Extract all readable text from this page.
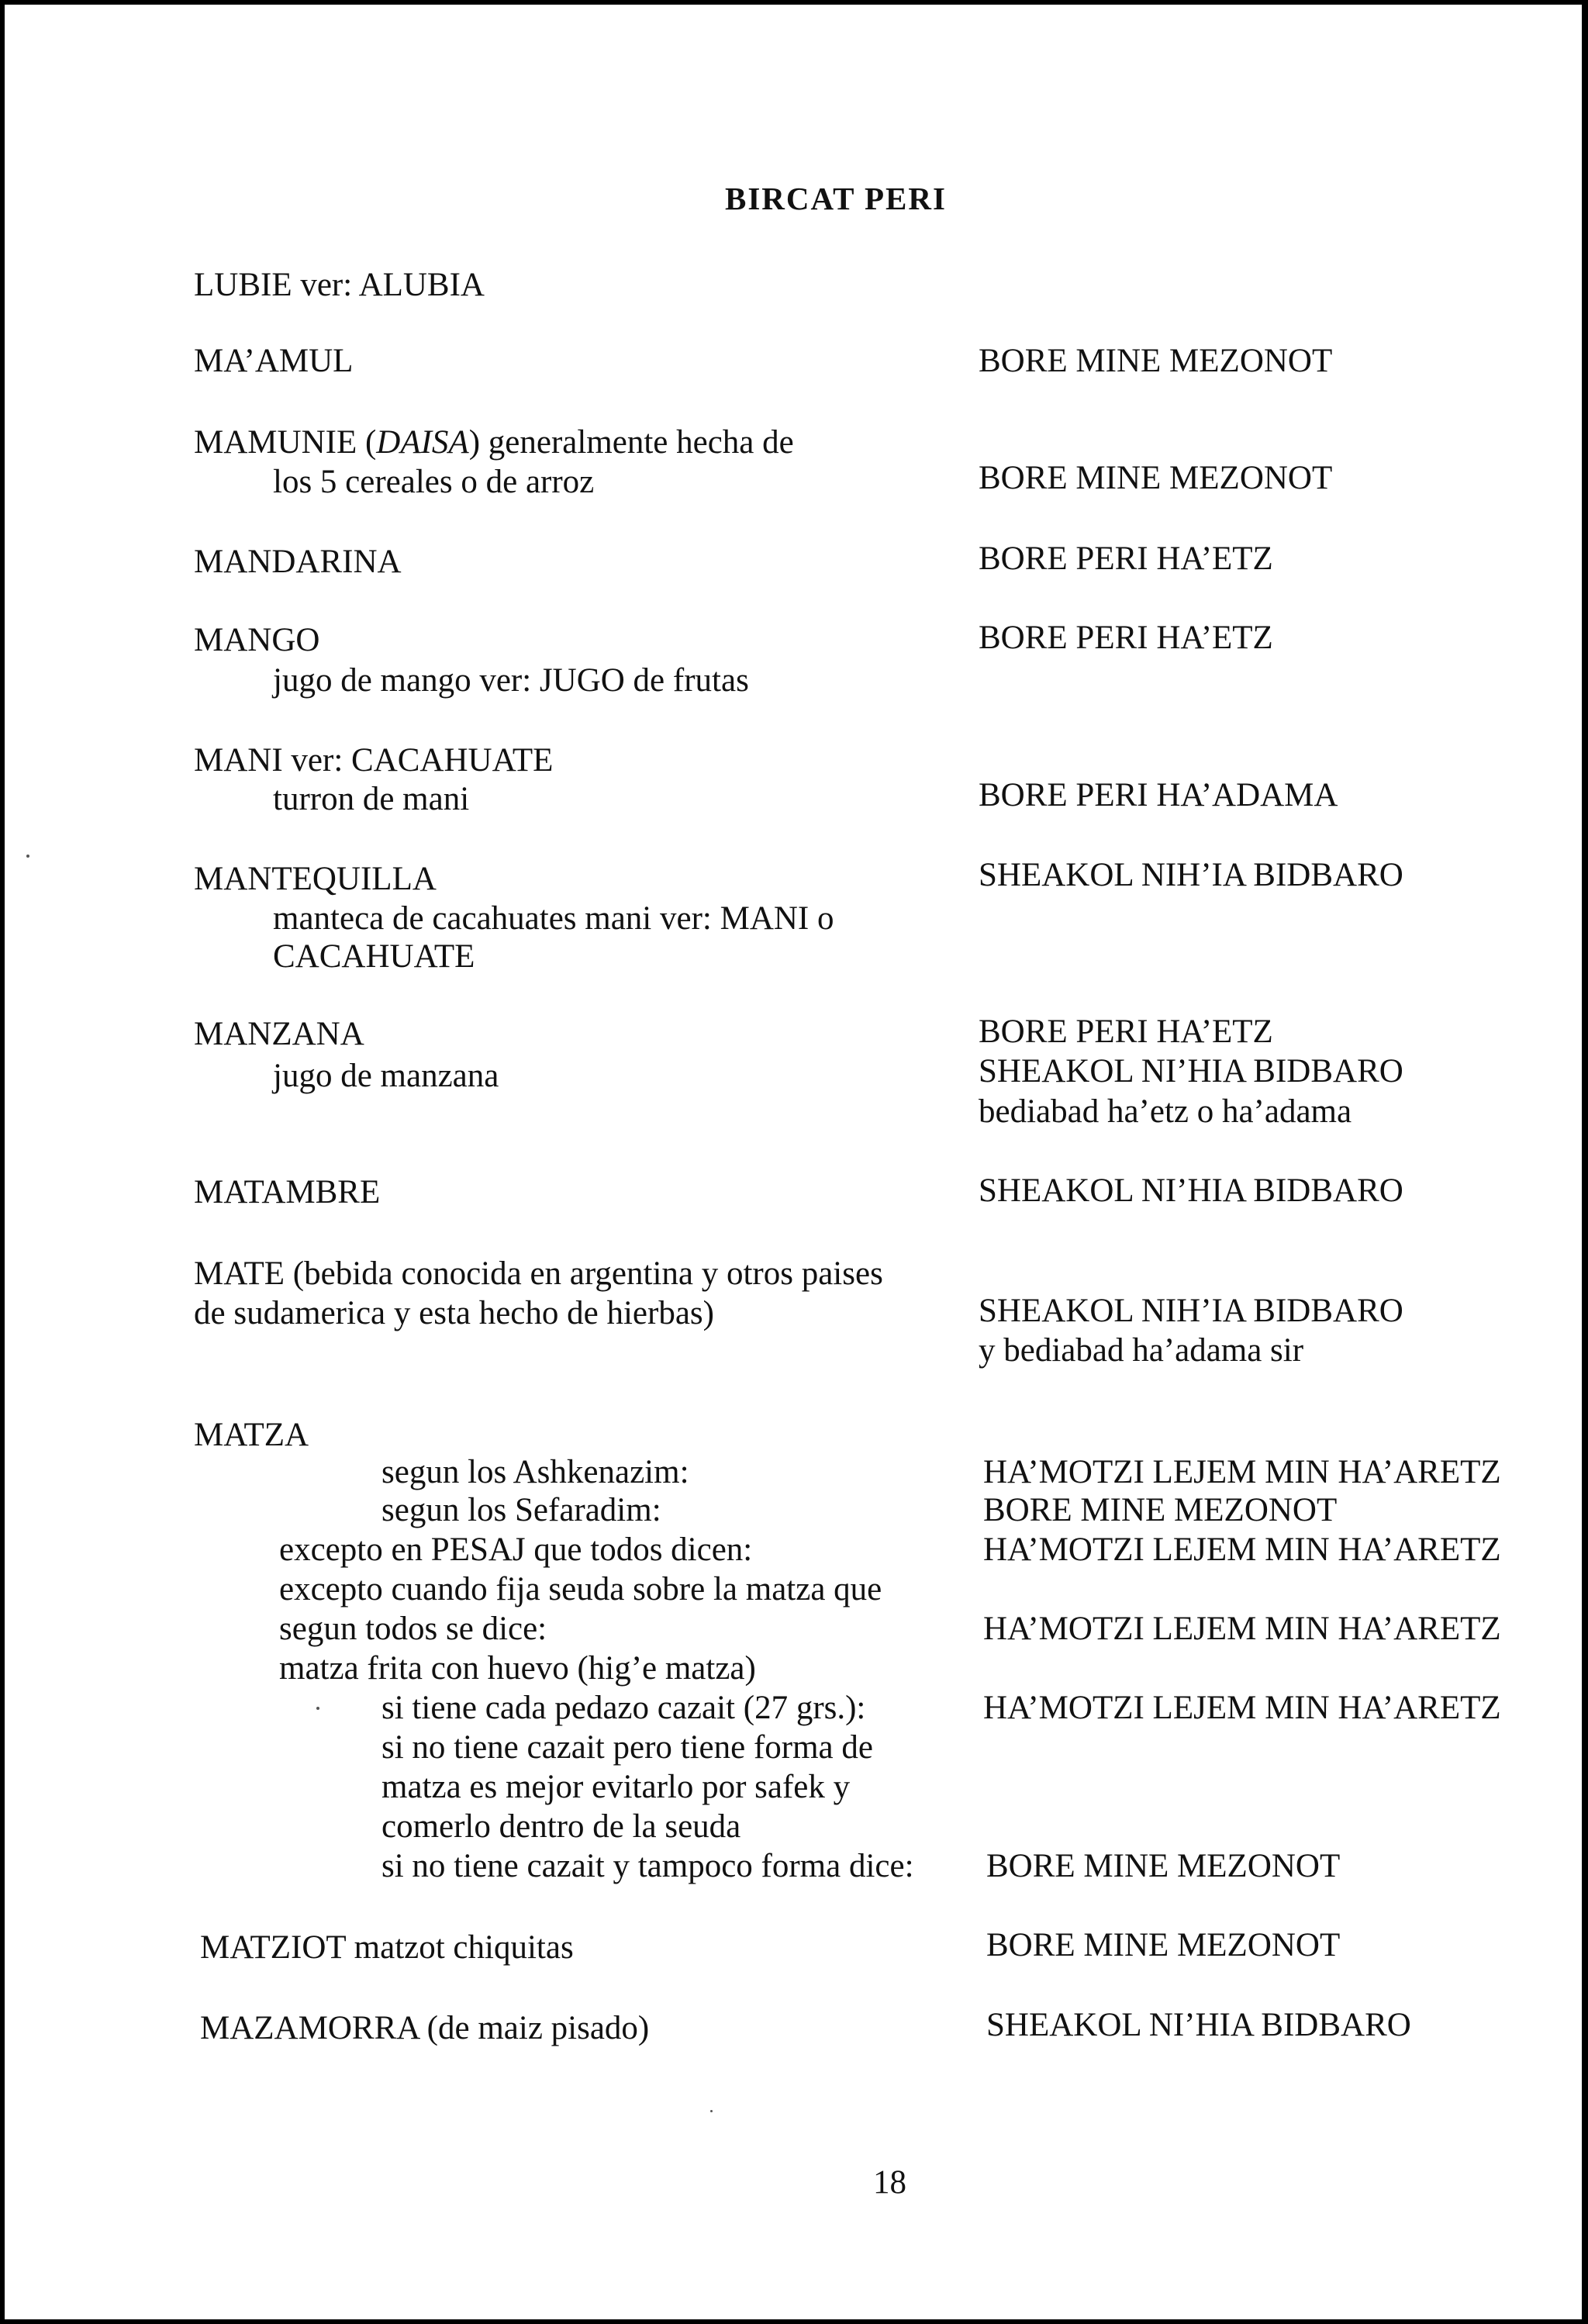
BIRCAT PERI
LUBIE ver: ALUBIA
MA’AMUL	BORE MINE MEZONOT
MAMUNIE (DAISA) generalmente hecha de
los 5 cereales o de arroz	BORE MINE MEZONOT
MANDARINA	BORE PERI HA’ETZ
MANGO	BORE PERI HA’ETZ
jugo de mango ver: JUGO de frutas
MANI ver: CACAHUATE
turron de mani	BORE PERI HA’ADAMA
MANTEQUILLA	SHEAKOL NIH’IA BIDBARO
manteca de cacahuates mani ver: MANI o
CACAHUATE
MANZANA	BORE PERI HA’ETZ
jugo de manzana	SHEAKOL NI’HIA BIDBARO
bediabad ha’etz o ha’adama
MATAMBRE	SHEAKOL NI’HIA BIDBARO
MATE (bebida conocida en argentina y otros paises
de sudamerica y esta hecho de hierbas)	SHEAKOL NIH’IA BIDBARO
y bediabad ha’adama sir
MATZA
segun los Ashkenazim:	HA’MOTZI LEJEM MIN HA’ARETZ
segun los Sefaradim:	BORE MINE MEZONOT
excepto en PESAJ que todos dicen:	HA’MOTZI LEJEM MIN HA’ARETZ
excepto cuando fija seuda sobre la matza que
segun todos se dice:	HA’MOTZI LEJEM MIN HA’ARETZ
matza frita con huevo (hig’e matza)
si tiene cada pedazo cazait (27 grs.):	HA’MOTZI LEJEM MIN HA’ARETZ
si no tiene cazait pero tiene forma de
matza es mejor evitarlo por safek y
comerlo dentro de la seuda
si no tiene cazait y tampoco forma dice: BORE MINE MEZONOT
MATZIOT matzot chiquitas	BORE MINE MEZONOT
MAZAMORRA (de maiz pisado)	SHEAKOL NI’HIA BIDBARO
18
